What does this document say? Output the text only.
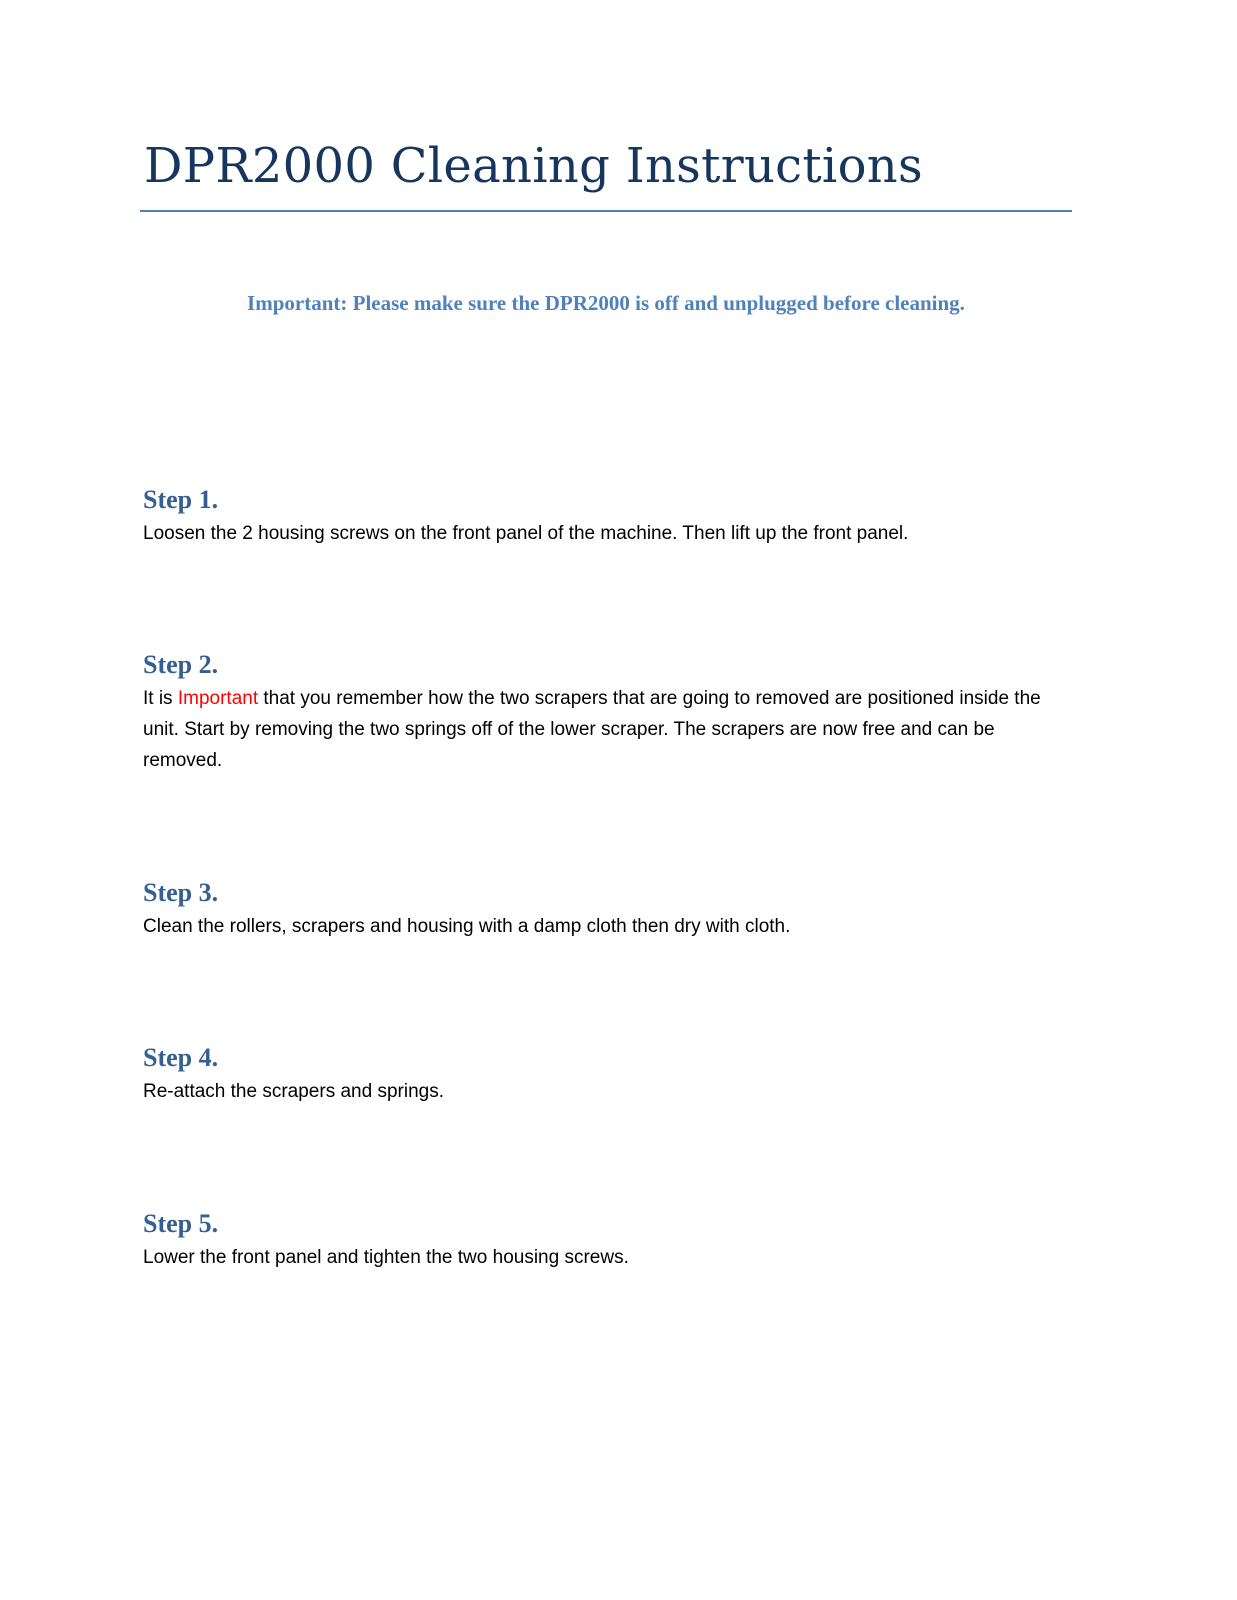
DPR2000 Cleaning Instructions

Important: Please make sure the DPR2000 is off and unplugged before cleaning.

Step 1.

Loosen the 2 housing screws on the front panel of the machine. Then lift up the front panel.

Step 2.

It is Important that you remember how the two scrapers that are going to removed are positioned inside the unit. Start by removing the two springs off of the lower scraper. The scrapers are now free and can be removed.

Step 3.

Clean the rollers, scrapers and housing with a damp cloth then dry with cloth.

Step 4.

Re-attach the scrapers and springs.

Step 5.

Lower the front panel and tighten the two housing screws.
